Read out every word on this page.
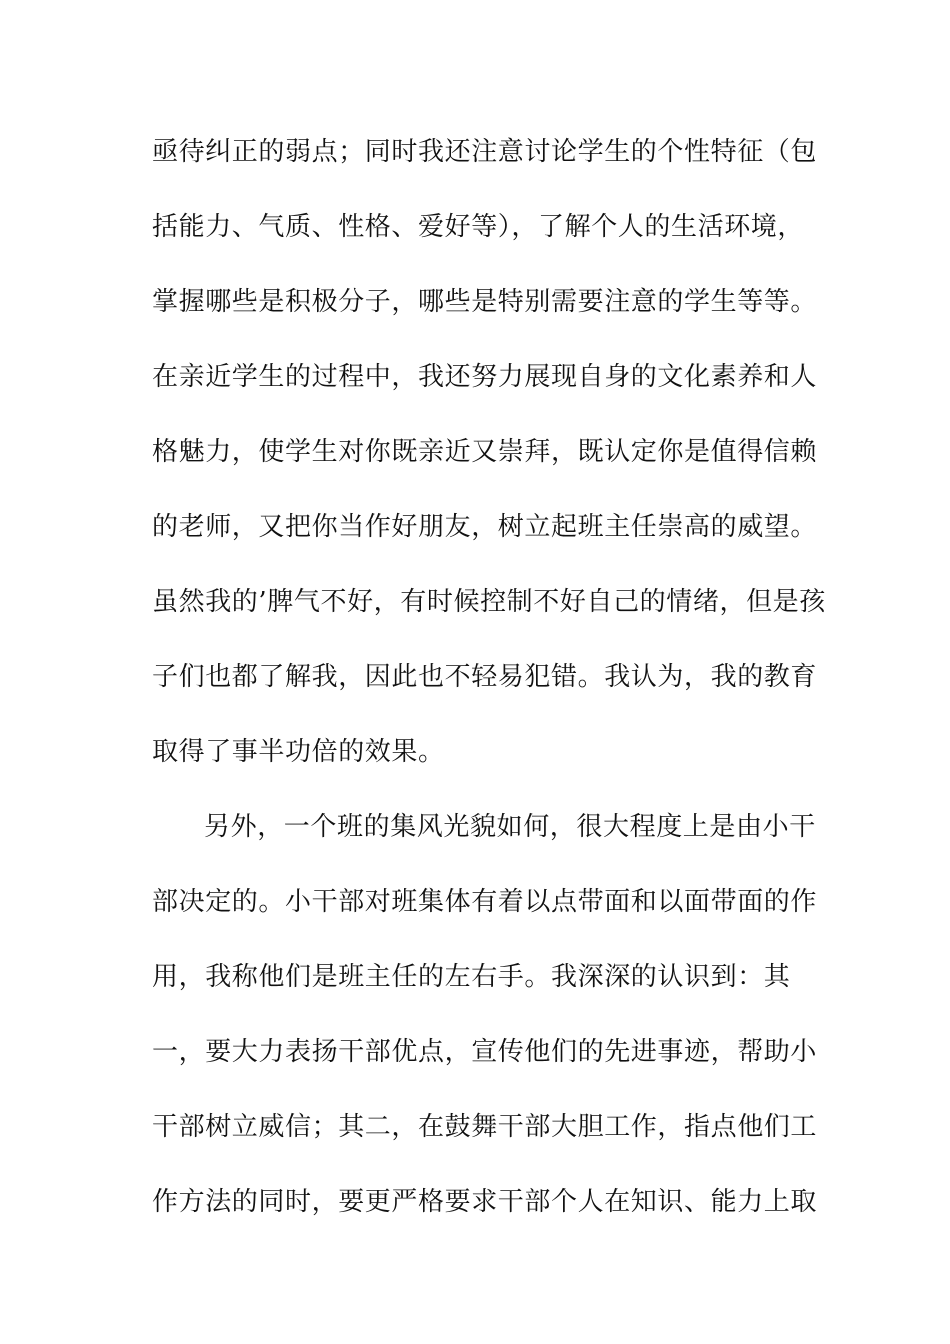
亟待纠正的弱点；同时我还注意讨论学生的个性特征（包
括能力、气质、性格、爱好等），了解个人的生活环境，
掌握哪些是积极分子，哪些是特别需要注意的学生等等。
在亲近学生的过程中，我还努力展现自身的文化素养和人
格魅力，使学生对你既亲近又崇拜，既认定你是值得信赖
的老师，又把你当作好朋友，树立起班主任崇高的威望。
虽然我的’脾气不好，有时候控制不好自己的情绪，但是孩
子们也都了解我，因此也不轻易犯错。我认为，我的教育
取得了事半功倍的效果。
另外，一个班的集风光貌如何，很大程度上是由小干
部决定的。小干部对班集体有着以点带面和以面带面的作
用，我称他们是班主任的左右手。我深深的认识到：其
一，要大力表扬干部优点，宣传他们的先进事迹，帮助小
干部树立威信；其二，在鼓舞干部大胆工作，指点他们工
作方法的同时，要更严格要求干部个人在知识、能力上取
